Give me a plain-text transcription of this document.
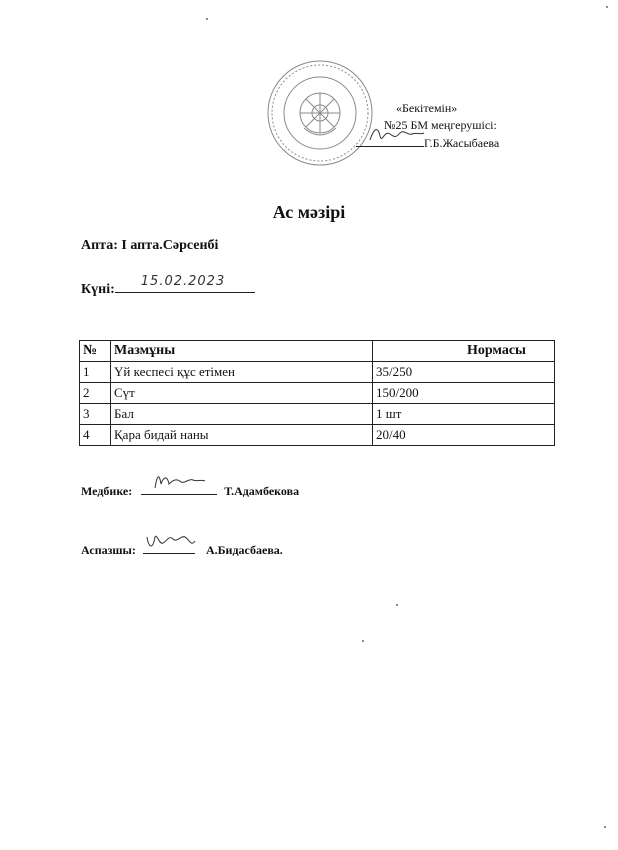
«Бекітемін»
№25 БМ меңгерушісі:
Г.Б.Жасыбаева
Ас мәзірі
Апта: І апта.Сәрсенбі
Күні:
15.02.2023
№	Мазмұны	Нормасы
1	Үй кеспесі құс етімен	35/250
2	Сүт	150/200
3	Бал	1 шт
4	Қара бидай наны	20/40
Медбике:	Т.Адамбекова
Аспазшы:	А.Бидасбаева.
